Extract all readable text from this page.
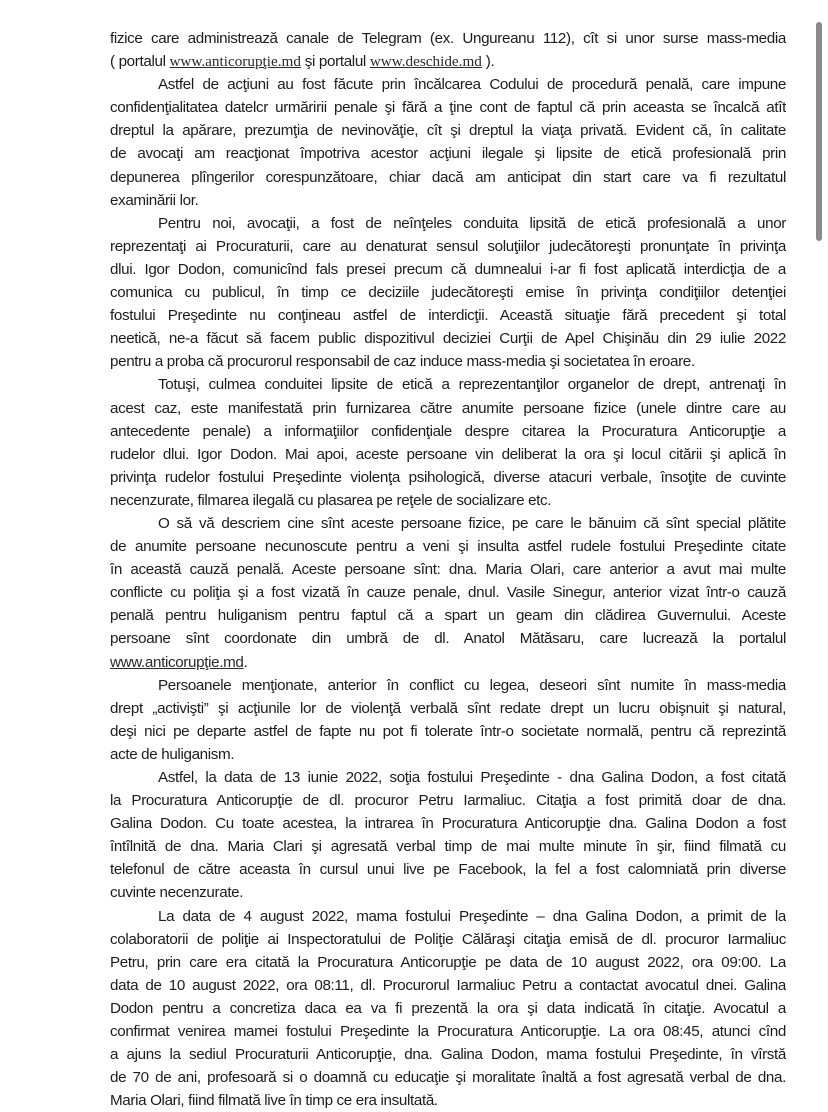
fizice care administrează canale de Telegram (ex. Ungureanu 112), cît si unor surse mass-media
( portalul www.anticorupţie.md şi portalul www.deschide.md ).
Astfel de acţiuni au fost făcute prin încălcarea Codului de procedură penală, care impune
confidenţialitatea datelcr urmăririi penale şi fără a ţine cont de faptul că prin aceasta se încalcă atît
dreptul la apărare, prezumţia de nevinovăţie, cît şi dreptul la viaţa privată. Evident că, în calitate
de avocaţi am reacţionat împotriva acestor acţiuni ilegale şi lipsite de etică profesională prin
depunerea plîngerilor corespunzătoare, chiar dacă am anticipat din start care va fi rezultatul
examinării lor.
Pentru noi, avocaţii, a fost de neînţeles conduita lipsită de etică profesională a unor
reprezentaţi ai Procuraturii, care au denaturat sensul soluţiilor judecătoreşti pronunţate în privinţa
dlui. Igor Dodon, comunicînd fals presei precum că dumnealui i-ar fi fost aplicată interdicţia de a
comunica cu publicul, în timp ce deciziile judecătoreşti emise în privinţa condiţiilor detenţiei
fostului Preşedinte nu conţineau astfel de interdicţii. Această situaţie fără precedent şi total
neetică, ne-a făcut să facem public dispozitivul deciziei Curţii de Apel Chişinău din 29 iulie 2022
pentru a proba că procurorul responsabil de caz induce mass-media şi societatea în eroare.
Totuşi, culmea conduitei lipsite de etică a reprezentanţilor organelor de drept, antrenaţi în
acest caz, este manifestată prin furnizarea către anumite persoane fizice (unele dintre care au
antecedente penale) a informaţiilor confidenţiale despre citarea la Procuratura Anticorupţie a
rudelor dlui. Igor Dodon. Mai apoi, aceste persoane vin deliberat la ora şi locul citării şi aplică în
privinţa rudelor fostului Preşedinte violenţa psihologică, diverse atacuri verbale, însoţite de cuvinte
necenzurate, filmarea ilegală cu plasarea pe reţele de socializare etc.
O să vă descriem cine sînt aceste persoane fizice, pe care le bănuim că sînt special plătite
de anumite persoane necunoscute pentru a veni şi insulta astfel rudele fostului Preşedinte citate
în această cauză penală. Aceste persoane sînt: dna. Maria Olari, care anterior a avut mai multe
conflicte cu poliţia şi a fost vizată în cauze penale, dnul. Vasile Sinegur, anterior vizat într-o cauză
penală pentru huliganism pentru faptul că a spart un geam din clădirea Guvernului. Aceste
persoane sînt coordonate din umbră de dl. Anatol Mătăsaru, care lucrează la portalul
www.anticorupţie.md.
Persoanele menţionate, anterior în conflict cu legea, deseori sînt numite în mass-media
drept „activişti” şi acţiunile lor de violenţă verbală sînt redate drept un lucru obişnuit şi natural,
deşi nici pe departe astfel de fapte nu pot fi tolerate într-o societate normală, pentru că reprezintă
acte de huliganism.
Astfel, la data de 13 iunie 2022, soţia fostului Preşedinte - dna Galina Dodon, a fost citată
la Procuratura Anticorupţie de dl. procuror Petru Iarmaliuc. Citaţia a fost primită doar de dna.
Galina Dodon. Cu toate acestea, la intrarea în Procuratura Anticorupţie dna. Galina Dodon a fost
întîlnită de dna. Maria Clari şi agresată verbal timp de mai multe minute în şir, fiind filmată cu
telefonul de către aceasta în cursul unui live pe Facebook, la fel a fost calomniată prin diverse
cuvinte necenzurate.
La data de 4 august 2022, mama fostului Preşedinte – dna Galina Dodon, a primit de la
colaboratorii de poliţie ai Inspectoratului de Poliţie Călăraşi citaţia emisă de dl. procuror Iarmaliuc
Petru, prin care era citată la Procuratura Anticorupţie pe data de 10 august 2022, ora 09:00. La
data de 10 august 2022, ora 08:11, dl. Procurorul Iarmaliuc Petru a contactat avocatul dnei. Galina
Dodon pentru a concretiza daca ea va fi prezentă la ora şi data indicată în citaţie. Avocatul a
confirmat venirea mamei fostului Preşedinte la Procuratura Anticorupţie. La ora 08:45, atunci cînd
a ajuns la sediul Procuraturii Anticorupţie, dna. Galina Dodon, mama fostului Preşedinte, în vîrstă
de 70 de ani, profesoară si o doamnă cu educaţie şi moralitate înaltă a fost agresată verbal de dna.
Maria Olari, fiind filmată live în timp ce era insultată.
